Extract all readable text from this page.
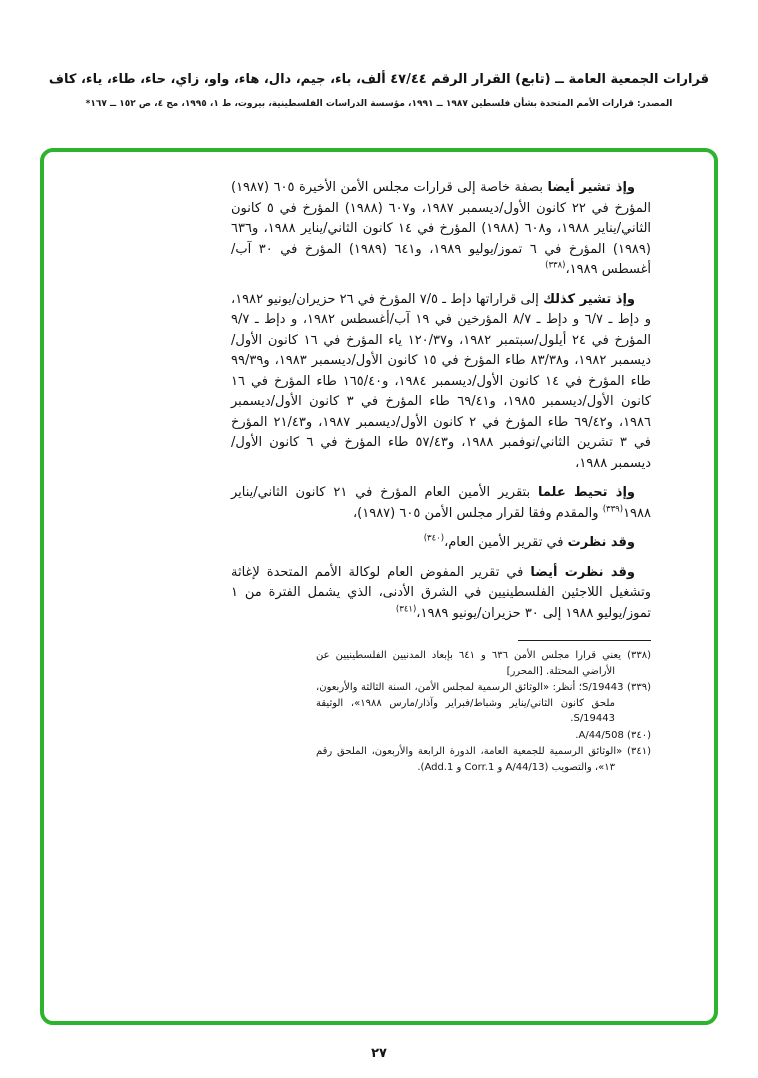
قرارات الجمعية العامة ــ (تابع) القرار الرقم ٤٧/٤٤ ألف، باء، جيم، دال، هاء، واو، زاي، حاء، طاء، ياء، كاف
المصدر: قرارات الأمم المتحدة بشأن فلسطين ١٩٨٧ ــ ١٩٩١، مؤسسة الدراسات الفلسطينية، بيروت، ط ١، ١٩٩٥، مج ٤، ص ١٥٢ ــ ١٦٧*

وإذ تشير أيضا بصفة خاصة إلى قرارات مجلس الأمن الأخيرة ٦٠٥ (١٩٨٧) المؤرخ في ٢٢ كانون الأول/ديسمبر ١٩٨٧، و٦٠٧ (١٩٨٨) المؤرخ في ٥ كانون الثاني/يناير ١٩٨٨، و٦٠٨ (١٩٨٨) المؤرخ في ١٤ كانون الثاني/يناير ١٩٨٨، و٦٣٦ (١٩٨٩) المؤرخ في ٦ تموز/يوليو ١٩٨٩، و٦٤١ (١٩٨٩) المؤرخ في ٣٠ آب/أغسطس ١٩٨٩،$^{(٣٣٨)}$

وإذ تشير كذلك إلى قراراتها دإط ـ ٧/٥ المؤرخ في ٢٦ حزيران/يونيو ١٩٨٢، و دإط ـ ٦/٧ و دإط ـ ٨/٧ المؤرخين في ١٩ آب/أغسطس ١٩٨٢، و دإط ـ ٩/٧ المؤرخ في ٢٤ أيلول/سبتمبر ١٩٨٢، و١٢٠/٣٧ ياء المؤرخ في ١٦ كانون الأول/ديسمبر ١٩٨٢، و٨٣/٣٨ طاء المؤرخ في ١٥ كانون الأول/ديسمبر ١٩٨٣، و٩٩/٣٩ طاء المؤرخ في ١٤ كانون الأول/ديسمبر ١٩٨٤، و١٦٥/٤٠ طاء المؤرخ في ١٦ كانون الأول/ديسمبر ١٩٨٥، و٦٩/٤١ طاء المؤرخ في ٣ كانون الأول/ديسمبر ١٩٨٦، و٦٩/٤٢ طاء المؤرخ في ٢ كانون الأول/ديسمبر ١٩٨٧، و٢١/٤٣ المؤرخ في ٣ تشرين الثاني/نوفمبر ١٩٨٨، و٥٧/٤٣ طاء المؤرخ في ٦ كانون الأول/ديسمبر ١٩٨٨،

وإذ تحيط علما بتقرير الأمين العام المؤرخ في ٢١ كانون الثاني/يناير ١٩٨٨$^{(٣٣٩)}$ والمقدم وفقا لقرار مجلس الأمن ٦٠٥ (١٩٨٧)،

وقد نظرت في تقرير الأمين العام،$^{(٣٤٠)}$

وقد نظرت أيضا في تقرير المفوض العام لوكالة الأمم المتحدة لإغاثة وتشغيل اللاجئين الفلسطينيين في الشرق الأدنى، الذي يشمل الفترة من ١ تموز/يوليو ١٩٨٨ إلى ٣٠ حزيران/يونيو ١٩٨٩،$^{(٣٤١)}$

(٣٣٨) يعني قرارا مجلس الأمن ٦٣٦ و ٦٤١ بإبعاد المدنيين الفلسطينيين عن الأراضي المحتلة. [المحرر]
(٣٣٩) S/19443؛ أنظر: «الوثائق الرسمية لمجلس الأمن، السنة الثالثة والأربعون، ملحق كانون الثاني/يناير وشباط/فبراير وآذار/مارس ١٩٨٨»، الوثيقة S/19443.
(٣٤٠) A/44/508.
(٣٤١) «الوثائق الرسمية للجمعية العامة، الدورة الرابعة والأربعون، الملحق رقم ١٣»، والتصويب (A/44/13 و Corr.1 و Add.1).
٢٧
